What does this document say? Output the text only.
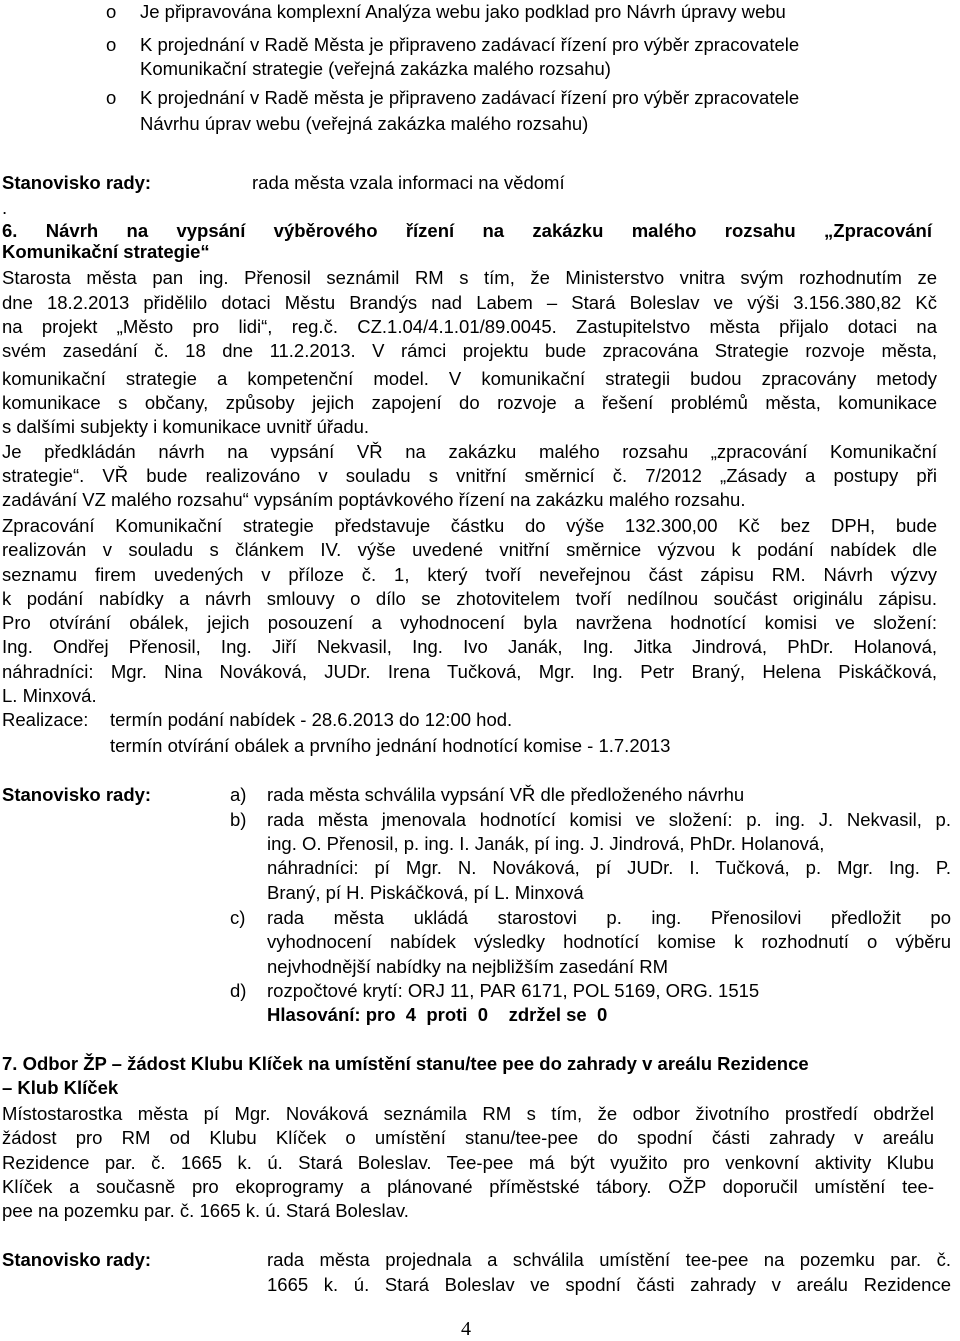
o Je připravována komplexní Analýza webu jako podklad pro Návrh úpravy webu
o K projednání v Radě Města je připraveno zadávací řízení pro výběr zpracovatele
Komunikační strategie (veřejná zakázka malého rozsahu)
o K projednání v Radě města je připraveno zadávací řízení pro výběr zpracovatele
Návrhu úprav webu (veřejná zakázka malého rozsahu)
Stanovisko rady:	rada města vzala informaci na vědomí
.
6. Návrh na vypsání výběrového řízení na zakázku malého rozsahu „Zpracování
Komunikační strategie“
Starosta města pan ing. Přenosil seznámil RM s tím, že Ministerstvo vnitra svým rozhodnutím ze
dne 18.2.2013 přidělilo dotaci Městu Brandýs nad Labem – Stará Boleslav ve výši 3.156.380,82 Kč
na projekt „Město pro lidi“, reg.č. CZ.1.04/4.1.01/89.0045. Zastupitelstvo města přijalo dotaci na
svém zasedání č. 18 dne 11.2.2013. V rámci projektu bude zpracována Strategie rozvoje města,
komunikační strategie a kompetenční model. V komunikační strategii budou zpracovány metody
komunikace s občany, způsoby jejich zapojení do rozvoje a řešení problémů města, komunikace
s dalšími subjekty i komunikace uvnitř úřadu.
Je předkládán návrh na vypsání VŘ na zakázku malého rozsahu „zpracování Komunikační
strategie“. VŘ bude realizováno v souladu s vnitřní směrnicí č. 7/2012 „Zásady a postupy při
zadávání VZ malého rozsahu“ vypsáním poptávkového řízení na zakázku malého rozsahu.
Zpracování Komunikační strategie představuje částku do výše 132.300,00 Kč bez DPH, bude
realizován v souladu s článkem IV. výše uvedené vnitřní směrnice výzvou k podání nabídek dle
seznamu firem uvedených v příloze č. 1, který tvoří neveřejnou část zápisu RM. Návrh výzvy
k podání nabídky a návrh smlouvy o dílo se zhotovitelem tvoří nedílnou součást originálu zápisu.
Pro otvírání obálek, jejich posouzení a vyhodnocení byla navržena hodnotící komisi ve složení:
Ing. Ondřej Přenosil, Ing. Jiří Nekvasil, Ing. Ivo Janák, Ing. Jitka Jindrová, PhDr. Holanová,
náhradníci: Mgr. Nina Nováková, JUDr. Irena Tučková, Mgr. Ing. Petr Braný, Helena Piskáčková,
L. Minxová.
Realizace: termín podání nabídek - 28.6.2013 do 12:00 hod.
termín otvírání obálek a prvního jednání hodnotící komise - 1.7.2013
Stanovisko rady:	a) rada města schválila vypsání VŘ dle předloženého návrhu
b) rada města jmenovala hodnotící komisi ve složení: p. ing. J. Nekvasil, p.
ing. O. Přenosil, p. ing. I. Janák, pí ing. J. Jindrová, PhDr. Holanová,
náhradníci: pí Mgr. N. Nováková, pí JUDr. I. Tučková, p. Mgr. Ing. P.
Braný, pí H. Piskáčková, pí L. Minxová
c) rada města ukládá starostovi p. ing. Přenosilovi předložit po
vyhodnocení nabídek výsledky hodnotící komise k rozhodnutí o výběru
nejvhodnější nabídky na nejbližším zasedání RM
d) rozpočtové krytí: ORJ 11, PAR 6171, POL 5169, ORG. 1515
Hlasování: pro  4  proti  0    zdržel se  0
7. Odbor ŽP – žádost Klubu Klíček na umístění stanu/tee pee do zahrady v areálu Rezidence
– Klub Klíček
Místostarostka města pí Mgr. Nováková seznámila RM s tím, že odbor životního prostředí obdržel
žádost pro RM od Klubu Klíček o umístění stanu/tee-pee do spodní části zahrady v areálu
Rezidence par. č. 1665 k. ú. Stará Boleslav. Tee-pee má být využito pro venkovní aktivity Klubu
Klíček a současně pro ekoprogramy a plánované příměstské tábory. OŽP doporučil umístění tee-
pee na pozemku par. č. 1665 k. ú. Stará Boleslav.
Stanovisko rady:	rada města projednala a schválila umístění tee-pee na pozemku par. č.
1665 k. ú. Stará Boleslav ve spodní části zahrady v areálu Rezidence
4
